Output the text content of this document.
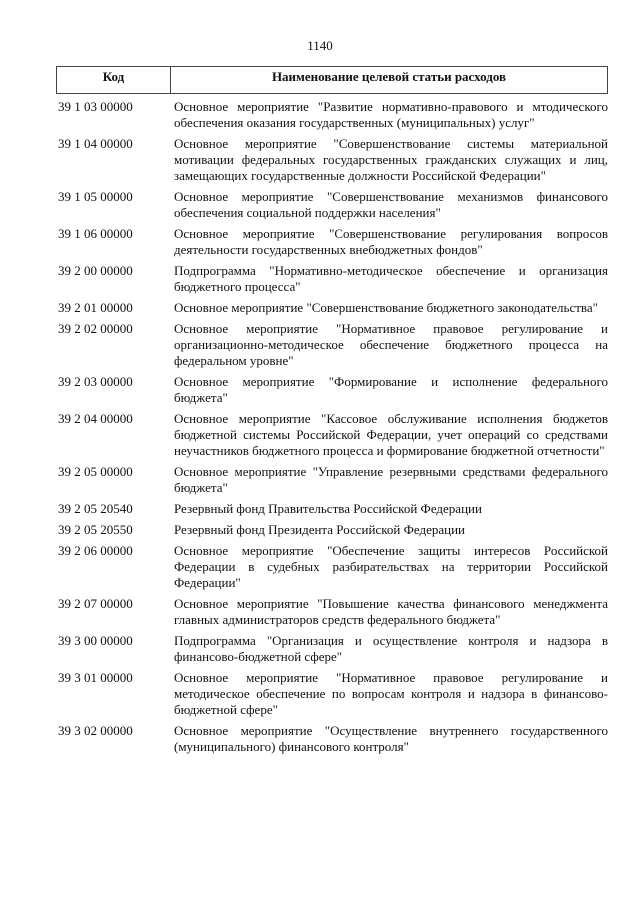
1140
Код	Наименование целевой статьи расходов
39 1 03 00000	Основное мероприятие "Развитие нормативно-правового и мтодического обеспечения оказания государственных (муниципальных) услуг"
39 1 04 00000	Основное мероприятие "Совершенствование системы материальной мотивации федеральных государственных гражданских служащих и лиц, замещающих государственные должности Российской Федерации"
39 1 05 00000	Основное мероприятие "Совершенствование механизмов финансового обеспечения социальной поддержки населения"
39 1 06 00000	Основное мероприятие "Совершенствование регулирования вопросов деятельности государственных внебюджетных фондов"
39 2 00 00000	Подпрограмма "Нормативно-методическое обеспечение и организация бюджетного процесса"
39 2 01 00000	Основное мероприятие "Совершенствование бюджетного законодательства"
39 2 02 00000	Основное мероприятие "Нормативное правовое регулирование и организационно-методическое обеспечение бюджетного процесса на федеральном уровне"
39 2 03 00000	Основное мероприятие "Формирование и исполнение федерального бюджета"
39 2 04 00000	Основное мероприятие "Кассовое обслуживание исполнения бюджетов бюджетной системы Российской Федерации, учет операций со средствами неучастников бюджетного процесса и формирование бюджетной отчетности"
39 2 05 00000	Основное мероприятие "Управление резервными средствами федерального бюджета"
39 2 05 20540	Резервный фонд Правительства Российской Федерации
39 2 05 20550	Резервный фонд Президента Российской Федерации
39 2 06 00000	Основное мероприятие "Обеспечение защиты интересов Российской Федерации в судебных разбирательствах на территории Российской Федерации"
39 2 07 00000	Основное мероприятие "Повышение качества финансового менеджмента главных администраторов средств федерального бюджета"
39 3 00 00000	Подпрограмма "Организация и осуществление контроля и надзора в финансово-бюджетной сфере"
39 3 01 00000	Основное мероприятие "Нормативное правовое регулирование и методическое обеспечение по вопросам контроля и надзора в финансово-бюджетной сфере"
39 3 02 00000	Основное мероприятие "Осуществление внутреннего государственного (муниципального) финансового контроля"
